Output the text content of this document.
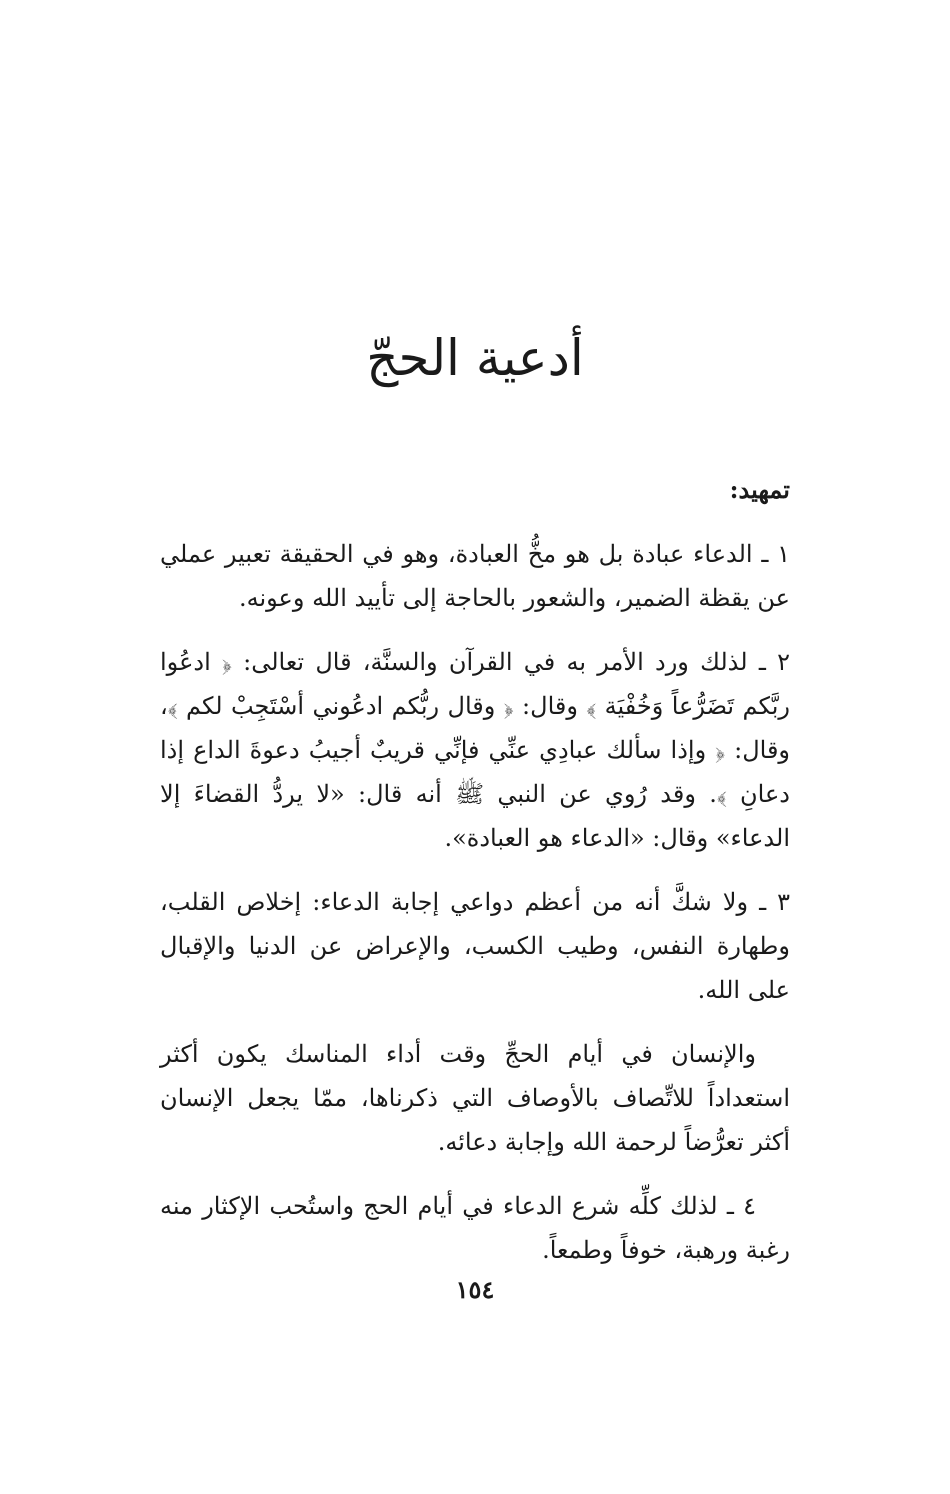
أدعية الحجّ

تمهيد:

١ ـ الدعاء عبادة بل هو مخُّ العبادة، وهو في الحقيقة تعبير عملي عن يقظة الضمير، والشعور بالحاجة إلى تأييد الله وعونه.

٢ ـ لذلك ورد الأمر به في القرآن والسنَّة، قال تعالى: ﴿ ادعُوا ربَّكم تَضَرُّعاً وَخُفْيَة ﴾ وقال: ﴿ وقال ربُّكم ادعُوني أسْتَجِبْ لكم ﴾، وقال: ﴿ وإذا سألك عبادِي عنِّي فإنِّي قريبٌ أجيبُ دعوةَ الداع إذا دعانِ ﴾. وقد رُوي عن النبي ﷺ أنه قال: «لا يردُّ القضاءَ إلا الدعاء» وقال: «الدعاء هو العبادة».

٣ ـ ولا شكَّ أنه من أعظم دواعي إجابة الدعاء: إخلاص القلب، وطهارة النفس، وطيب الكسب، والإعراض عن الدنيا والإقبال على الله.

والإنسان في أيام الحجِّ وقت أداء المناسك يكون أكثر استعداداً للاتِّصاف بالأوصاف التي ذكرناها، ممّا يجعل الإنسان أكثر تعرُّضاً لرحمة الله وإجابة دعائه.

٤ ـ لذلك كلِّه شرع الدعاء في أيام الحج واستُحب الإكثار منه رغبة ورهبة، خوفاً وطمعاً.

١٥٤
